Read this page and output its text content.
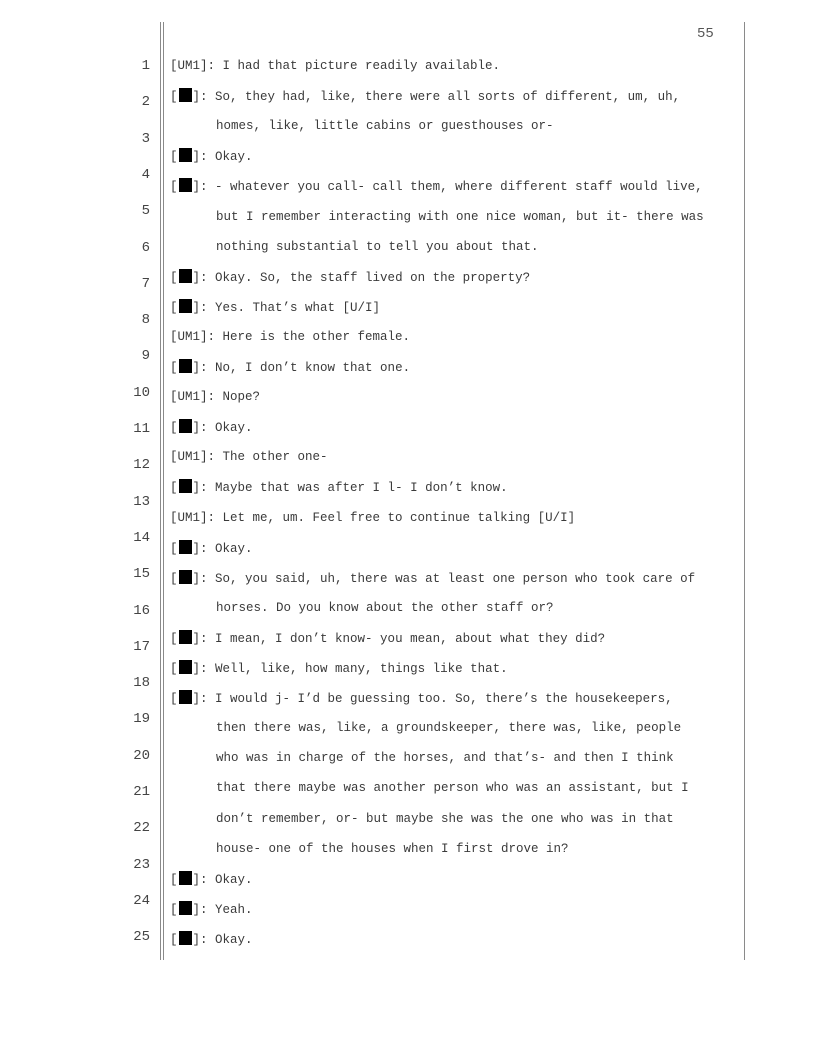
55
1
2
3
4
5
6
7
8
9
10
11
12
13
14
15
16
17
18
19
20
21
22
23
24
25
[UM1]: I had that picture readily available.
[ ]: So, they had, like, there were all sorts of different, um, uh,
homes, like, little cabins or guesthouses or-
[ ]: Okay.
[ ]: - whatever you call- call them, where different staff would live,
but I remember interacting with one nice woman, but it- there was
nothing substantial to tell you about that.
[ ]: Okay. So, the staff lived on the property?
[ ]: Yes. That’s what [U/I]
[UM1]: Here is the other female.
[ ]: No, I don’t know that one.
[UM1]: Nope?
[ ]: Okay.
[UM1]: The other one-
[ ]: Maybe that was after I l- I don’t know.
[UM1]: Let me, um. Feel free to continue talking [U/I]
[ ]: Okay.
[ ]: So, you said, uh, there was at least one person who took care of
horses. Do you know about the other staff or?
[ ]: I mean, I don’t know- you mean, about what they did?
[ ]: Well, like, how many, things like that.
[ ]: I would j- I’d be guessing too. So, there’s the housekeepers,
then there was, like, a groundskeeper, there was, like, people
who was in charge of the horses, and that’s- and then I think
that there maybe was another person who was an assistant, but I
don’t remember, or- but maybe she was the one who was in that
house- one of the houses when I first drove in?
[ ]: Okay.
[ ]: Yeah.
[ ]: Okay.
